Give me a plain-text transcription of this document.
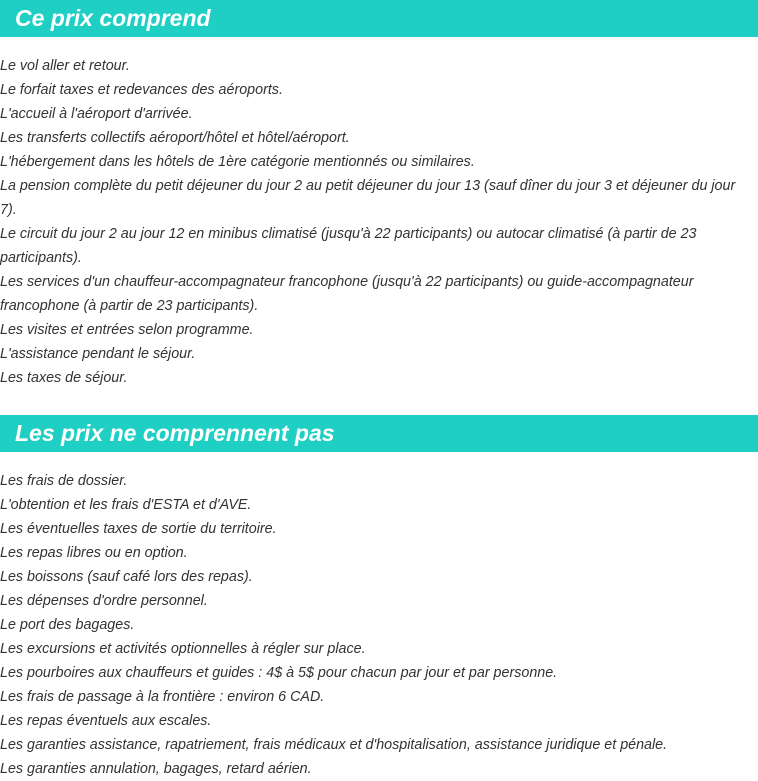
Ce prix comprend

Le vol aller et retour.

Le forfait taxes et redevances des aéroports.

L'accueil à l'aéroport d'arrivée.

Les transferts collectifs aéroport/hôtel et hôtel/aéroport.

L'hébergement dans les hôtels de 1ère catégorie mentionnés ou similaires.

La pension complète du petit déjeuner du jour 2 au petit déjeuner du jour 13 (sauf dîner du jour 3 et déjeuner du jour 7).

Le circuit du jour 2 au jour 12 en minibus climatisé (jusqu'à 22 participants) ou autocar climatisé (à partir de 23 participants).

Les services d'un chauffeur-accompagnateur francophone (jusqu'à 22 participants) ou guide-accompagnateur francophone (à partir de 23 participants).

Les visites et entrées selon programme.

L'assistance pendant le séjour.

Les taxes de séjour.

Les prix ne comprennent pas

Les frais de dossier.

L'obtention et les frais d'ESTA et d'AVE.

Les éventuelles taxes de sortie du territoire.

Les repas libres ou en option.

Les boissons (sauf café lors des repas).

Les dépenses d'ordre personnel.

Le port des bagages.

Les excursions et activités optionnelles à régler sur place.

Les pourboires aux chauffeurs et guides : 4$ à 5$ pour chacun par jour et par personne.

Les frais de passage à la frontière : environ 6 CAD.

Les repas éventuels aux escales.

Les garanties assistance, rapatriement, frais médicaux et d'hospitalisation, assistance juridique et pénale.

Les garanties annulation, bagages, retard aérien.
